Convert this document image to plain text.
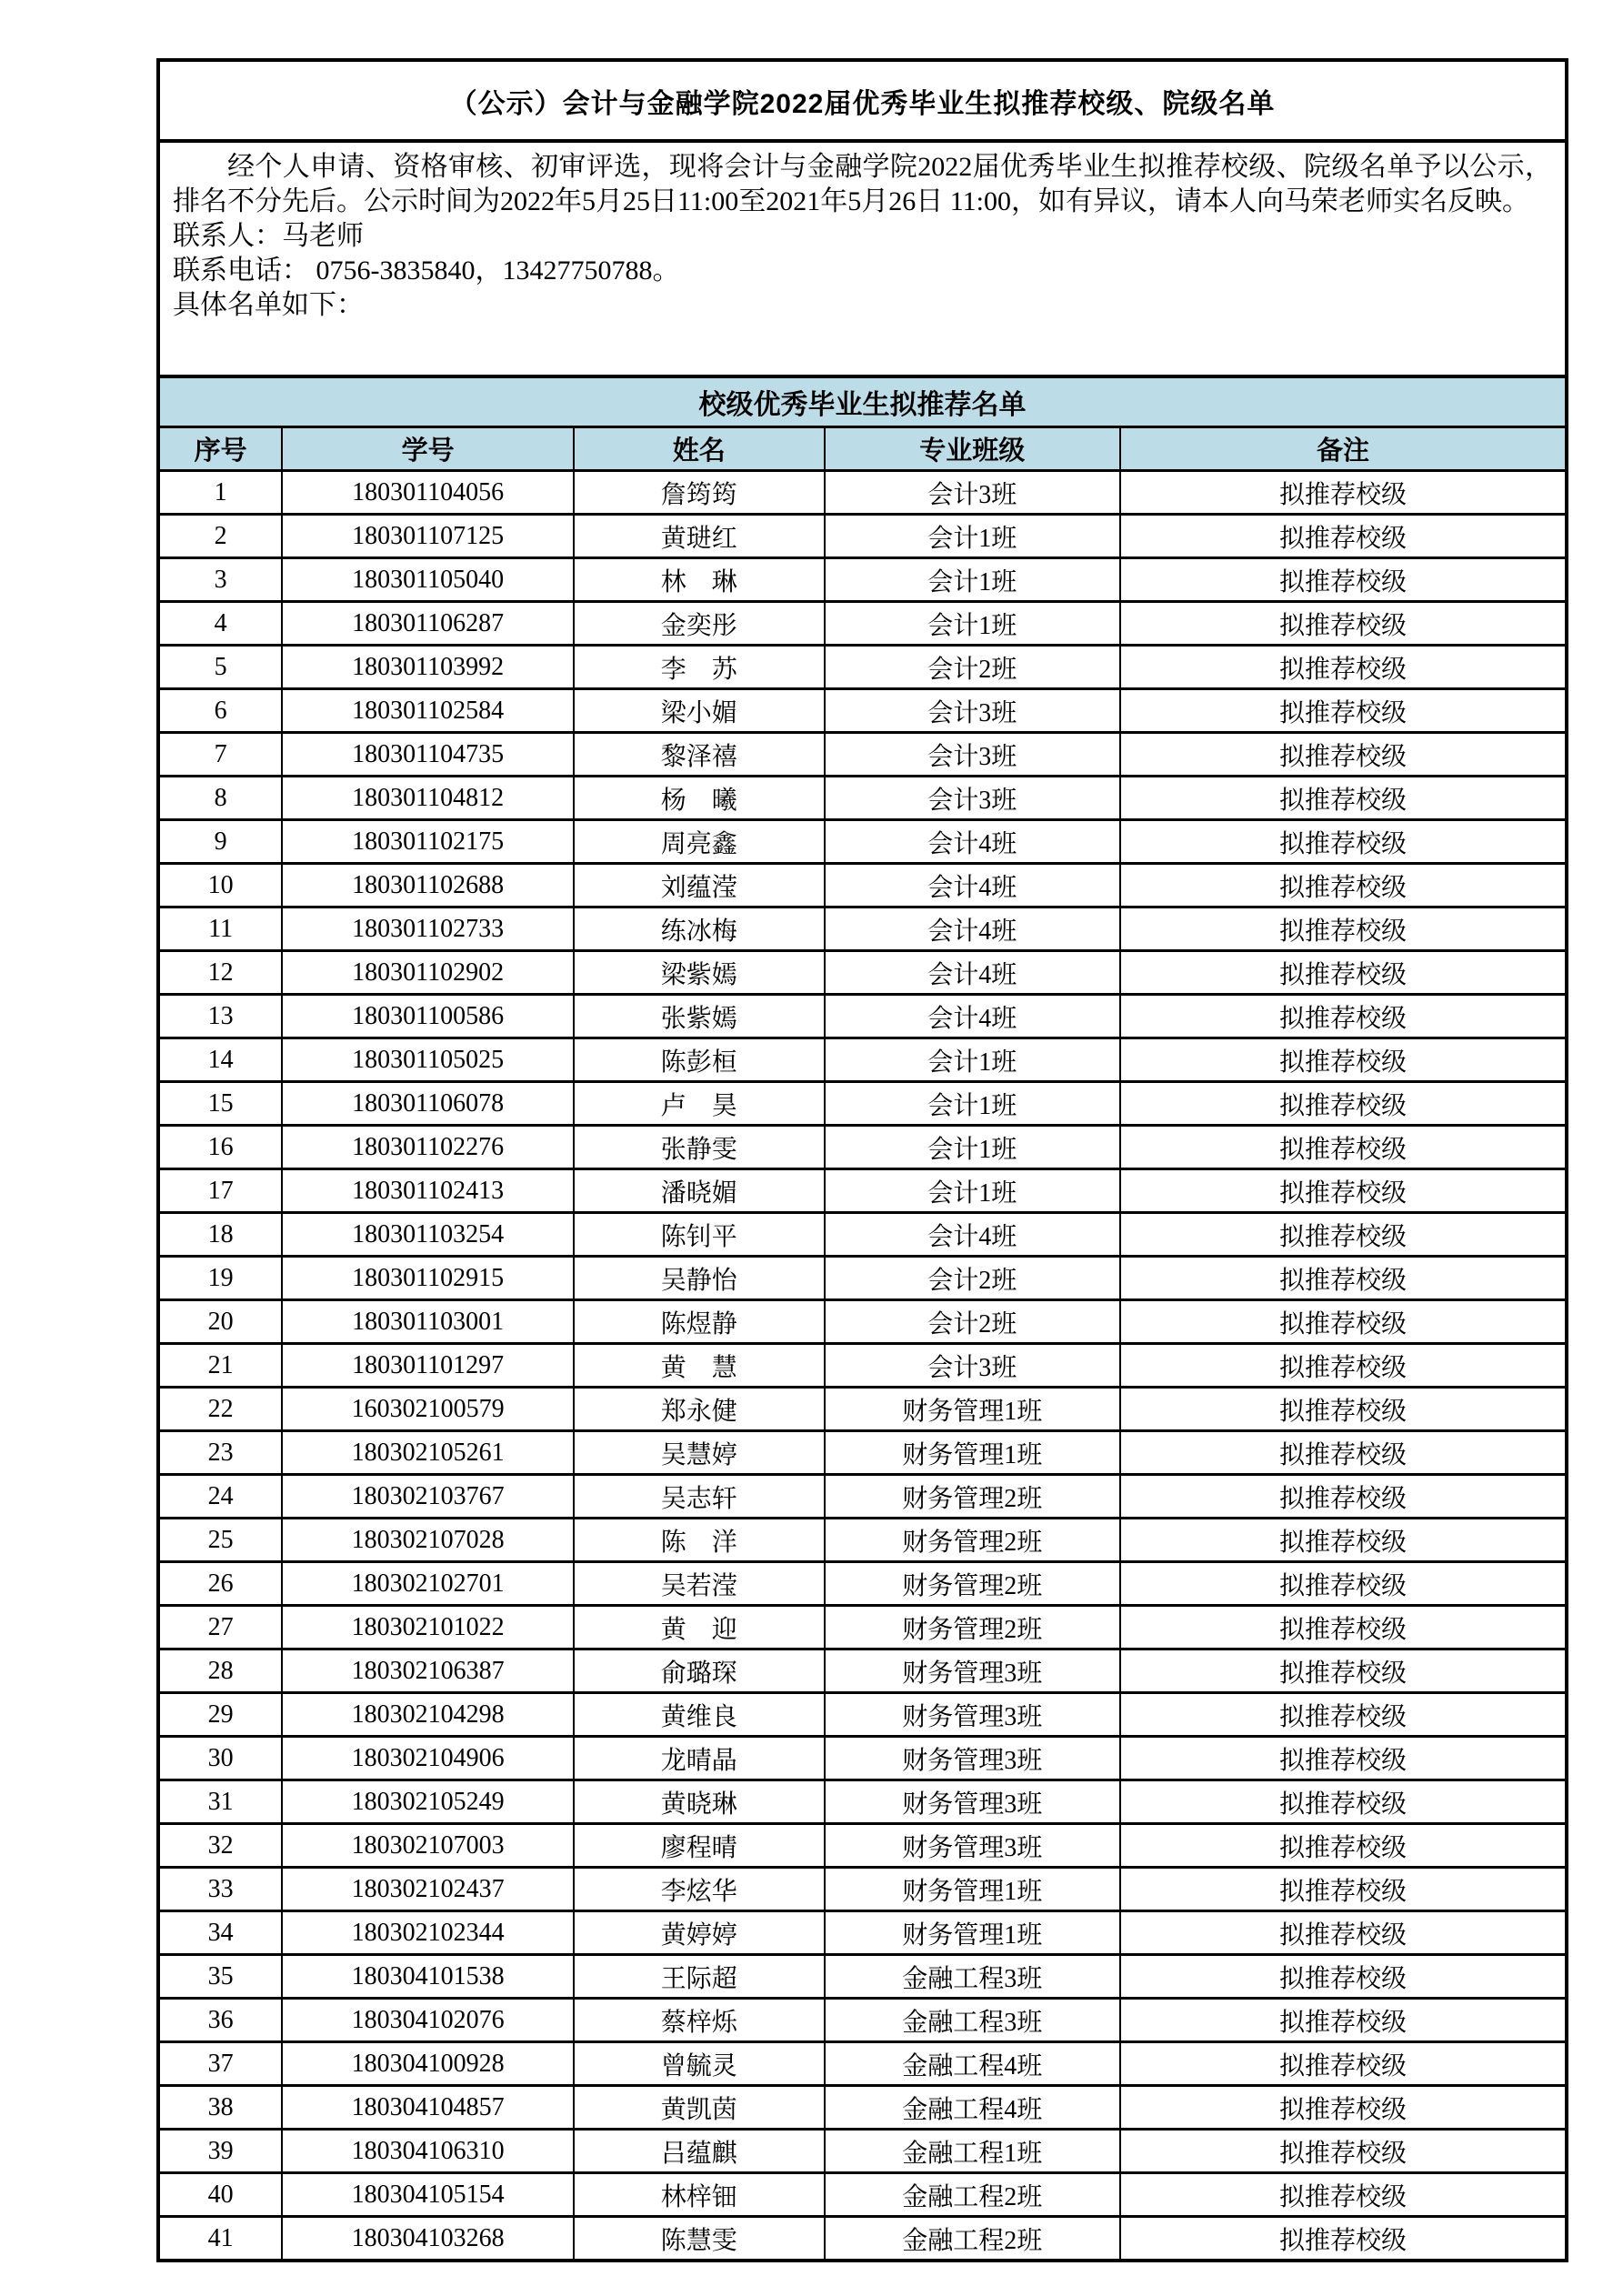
（公示）会计与金融学院2022届优秀毕业生拟推荐校级、院级名单

经个人申请、资格审核、初审评选，现将会计与金融学院2022届优秀毕业生拟推荐校级、院级名单予以公示，排名不分先后。公示时间为2022年5月25日11:00至2021年5月26日 11:00，如有异议，请本人向马荣老师实名反映。

联系人：马老师

联系电话： 0756-3835840，13427750788。

具体名单如下：

校级优秀毕业生拟推荐名单				
序号	学号	姓名	专业班级	备注
1	180301104056	詹筠筠	会计3班	拟推荐校级
2	180301107125	黄琎红	会计1班	拟推荐校级
3	180301105040	林　琳	会计1班	拟推荐校级
4	180301106287	金奕彤	会计1班	拟推荐校级
5	180301103992	李　苏	会计2班	拟推荐校级
6	180301102584	梁小媚	会计3班	拟推荐校级
7	180301104735	黎泽禧	会计3班	拟推荐校级
8	180301104812	杨　曦	会计3班	拟推荐校级
9	180301102175	周亮鑫	会计4班	拟推荐校级
10	180301102688	刘蕴滢	会计4班	拟推荐校级
11	180301102733	练冰梅	会计4班	拟推荐校级
12	180301102902	梁紫嫣	会计4班	拟推荐校级
13	180301100586	张紫嫣	会计4班	拟推荐校级
14	180301105025	陈彭桓	会计1班	拟推荐校级
15	180301106078	卢　昊	会计1班	拟推荐校级
16	180301102276	张静雯	会计1班	拟推荐校级
17	180301102413	潘晓媚	会计1班	拟推荐校级
18	180301103254	陈钊平	会计4班	拟推荐校级
19	180301102915	吴静怡	会计2班	拟推荐校级
20	180301103001	陈煜静	会计2班	拟推荐校级
21	180301101297	黄　慧	会计3班	拟推荐校级
22	160302100579	郑永健	财务管理1班	拟推荐校级
23	180302105261	吴慧婷	财务管理1班	拟推荐校级
24	180302103767	吴志轩	财务管理2班	拟推荐校级
25	180302107028	陈　洋	财务管理2班	拟推荐校级
26	180302102701	吴若滢	财务管理2班	拟推荐校级
27	180302101022	黄　迎	财务管理2班	拟推荐校级
28	180302106387	俞璐琛	财务管理3班	拟推荐校级
29	180302104298	黄维良	财务管理3班	拟推荐校级
30	180302104906	龙晴晶	财务管理3班	拟推荐校级
31	180302105249	黄晓琳	财务管理3班	拟推荐校级
32	180302107003	廖程晴	财务管理3班	拟推荐校级
33	180302102437	李炫华	财务管理1班	拟推荐校级
34	180302102344	黄婷婷	财务管理1班	拟推荐校级
35	180304101538	王际超	金融工程3班	拟推荐校级
36	180304102076	蔡梓烁	金融工程3班	拟推荐校级
37	180304100928	曾毓灵	金融工程4班	拟推荐校级
38	180304104857	黄凯茵	金融工程4班	拟推荐校级
39	180304106310	吕蕴麒	金融工程1班	拟推荐校级
40	180304105154	林梓钿	金融工程2班	拟推荐校级
41	180304103268	陈慧雯	金融工程2班	拟推荐校级
